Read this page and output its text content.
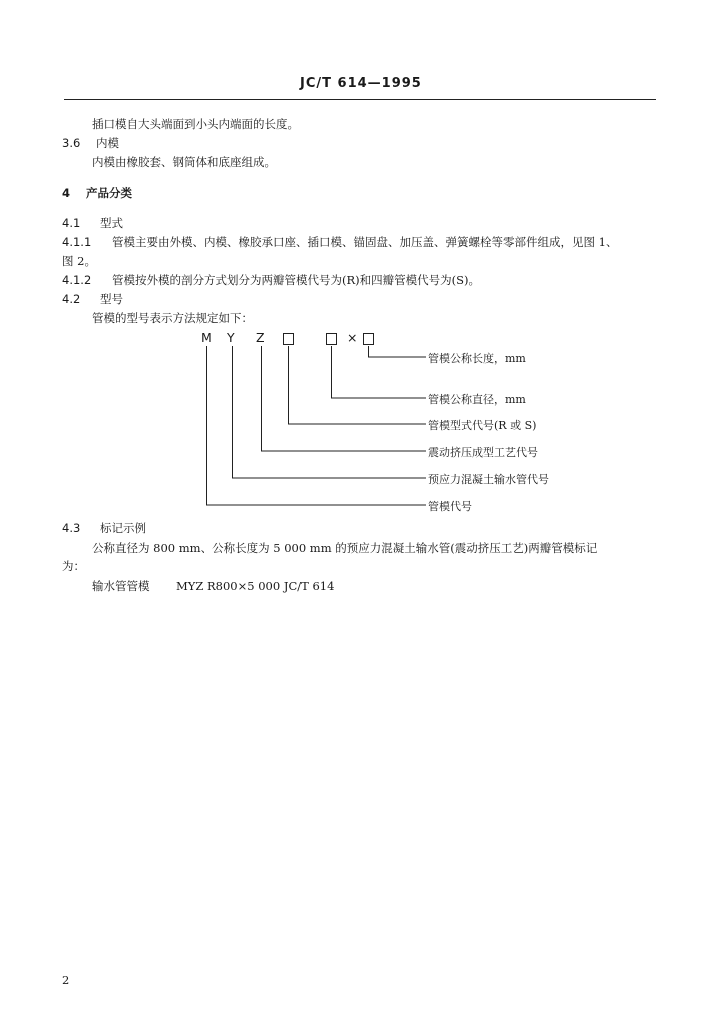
JC/T 614—1995
插口模自大头端面到小头内端面的长度。
3.6 内模
内模由橡胶套、钢筒体和底座组成。
4 产品分类
4.1 型式
4.1.1 管模主要由外模、内模、橡胶承口座、插口模、锚固盘、加压盖、弹簧螺栓等零部件组成，见图 1、
图 2。
4.1.2 管模按外模的剖分方式划分为两瓣管模代号为(R)和四瓣管模代号为(S)。
4.2 型号
管模的型号表示方法规定如下：
M Y Z	×
管模公称长度，mm
管模公称直径，mm
管模型式代号(R 或 S)
震动挤压成型工艺代号
预应力混凝土输水管代号
管模代号
4.3 标记示例
公称直径为 800 mm、公称长度为 5 000 mm 的预应力混凝土输水管(震动挤压工艺)两瓣管模标记
为：
输水管管模 MYZ R800×5 000 JC/T 614
2
